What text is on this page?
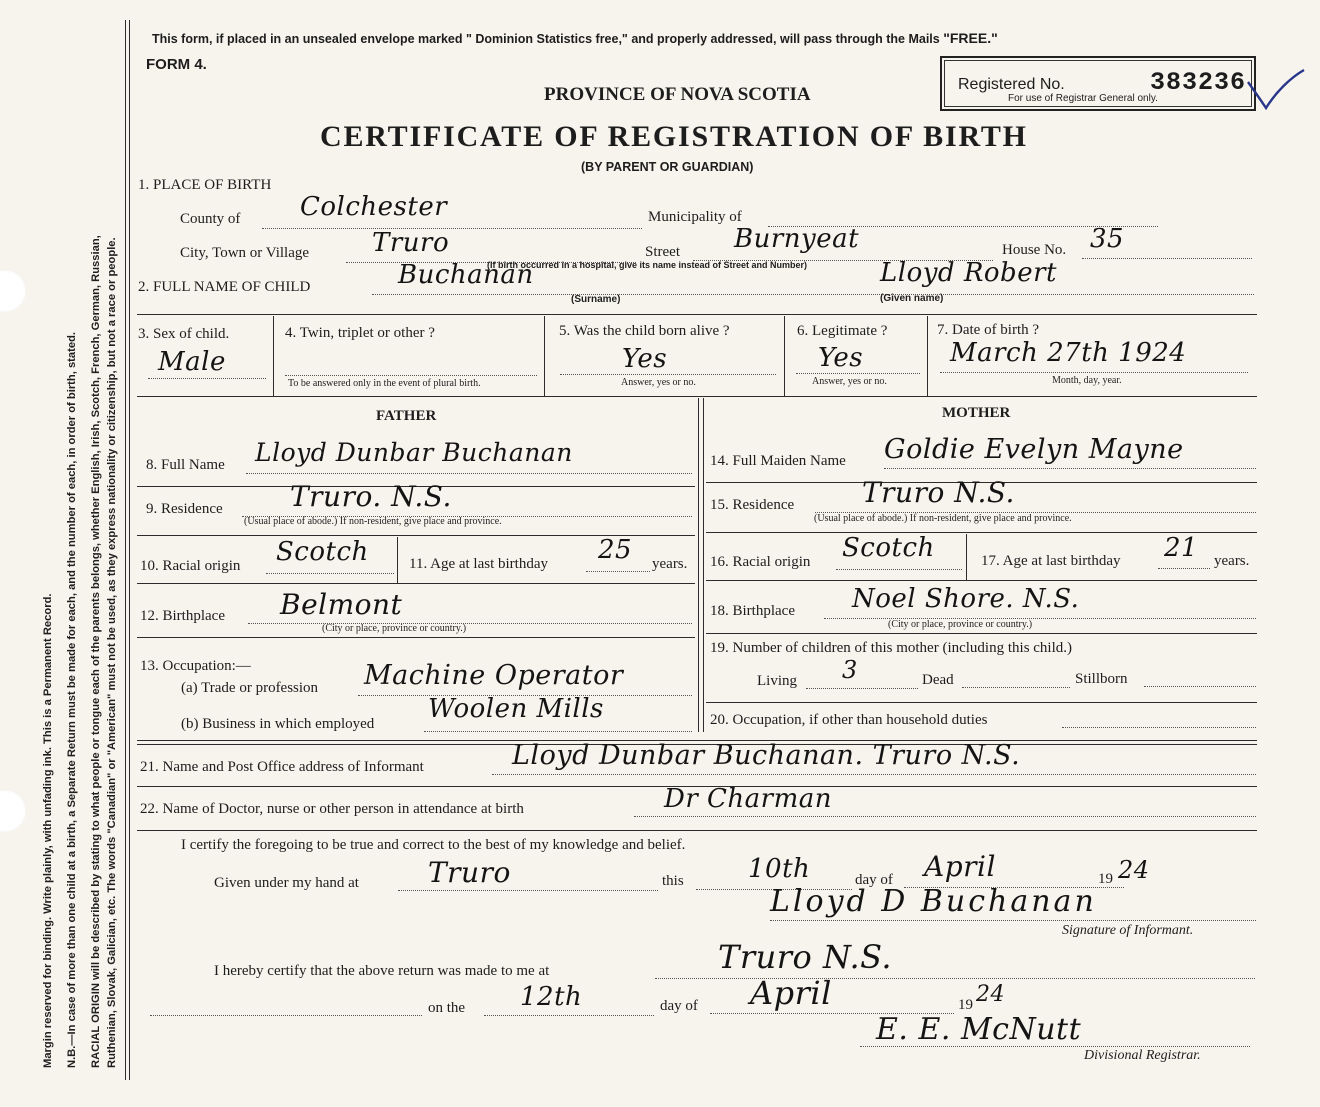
Margin reserved for binding. Write plainly, with unfading ink. This is a Permanent Record. N.B.—In case of more than one child at a birth, a Separate Return must be made for each, and the number of each, in order of birth, stated. RACIAL ORIGIN will be described by stating to what people or tongue each of the parents belongs, whether English, Irish, Scotch, French, German, Russian, Ruthenian, Slovak, Galician, etc. The words "Canadian" or "American" must not be used, as they express nationality or citizenship, but not a race or people.
This form, if placed in an unsealed envelope marked " Dominion Statistics free," and properly addressed, will pass through the Mails "FREE."
FORM 4.
PROVINCE OF NOVA SCOTIA
CERTIFICATE OF REGISTRATION OF BIRTH
(BY PARENT OR GUARDIAN)
Registered No.	383236
For use of Registrar General only.
1. PLACE OF BIRTH
County of Colchester	Municipality of
City, Town or Village Truro	Street Burnyeat	House No. 35
(If birth occurred in a hospital, give its name instead of Street and Number)
2. FULL NAME OF CHILD	Buchanan	Lloyd Robert
(Surname)	(Given name)
3. Sex of child.
Male
4. Twin, triplet or other ?
To be answered only in the event of plural birth.
5. Was the child born alive ?
Yes
Answer, yes or no.
6. Legitimate ?
Yes
Answer, yes or no.
7. Date of birth ?
March 27th 1924
Month, day, year.
FATHER	MOTHER
8. Full Name Lloyd Dunbar Buchanan
9. Residence Truro. N.S.
(Usual place of abode.) If non-resident, give place and province.
10. Racial origin Scotch	11. Age at last birthday 25 years.
12. Birthplace Belmont
(City or place, province or country.)
13. Occupation:—
(a) Trade or profession Machine Operator
(b) Business in which employed Woolen Mills
14. Full Maiden Name Goldie Evelyn Mayne
15. Residence Truro N.S.
(Usual place of abode.) If non-resident, give place and province.
16. Racial origin Scotch	17. Age at last birthday 21 years.
18. Birthplace Noel Shore. N.S.
(City or place, province or country.)
19. Number of children of this mother (including this child.)
Living 3	Dead	Stillborn
20. Occupation, if other than household duties
21. Name and Post Office address of Informant	Lloyd Dunbar Buchanan. Truro N.S.
22. Name of Doctor, nurse or other person in attendance at birth	Dr Charman
I certify the foregoing to be true and correct to the best of my knowledge and belief.
Given under my hand at Truro	this 10th	day of April	19 24
Lloyd D Buchanan
Signature of Informant.
I hereby certify that the above return was made to me at	Truro N.S.
on the 12th	day of April	19 24
E. E. McNutt
Divisional Registrar.
